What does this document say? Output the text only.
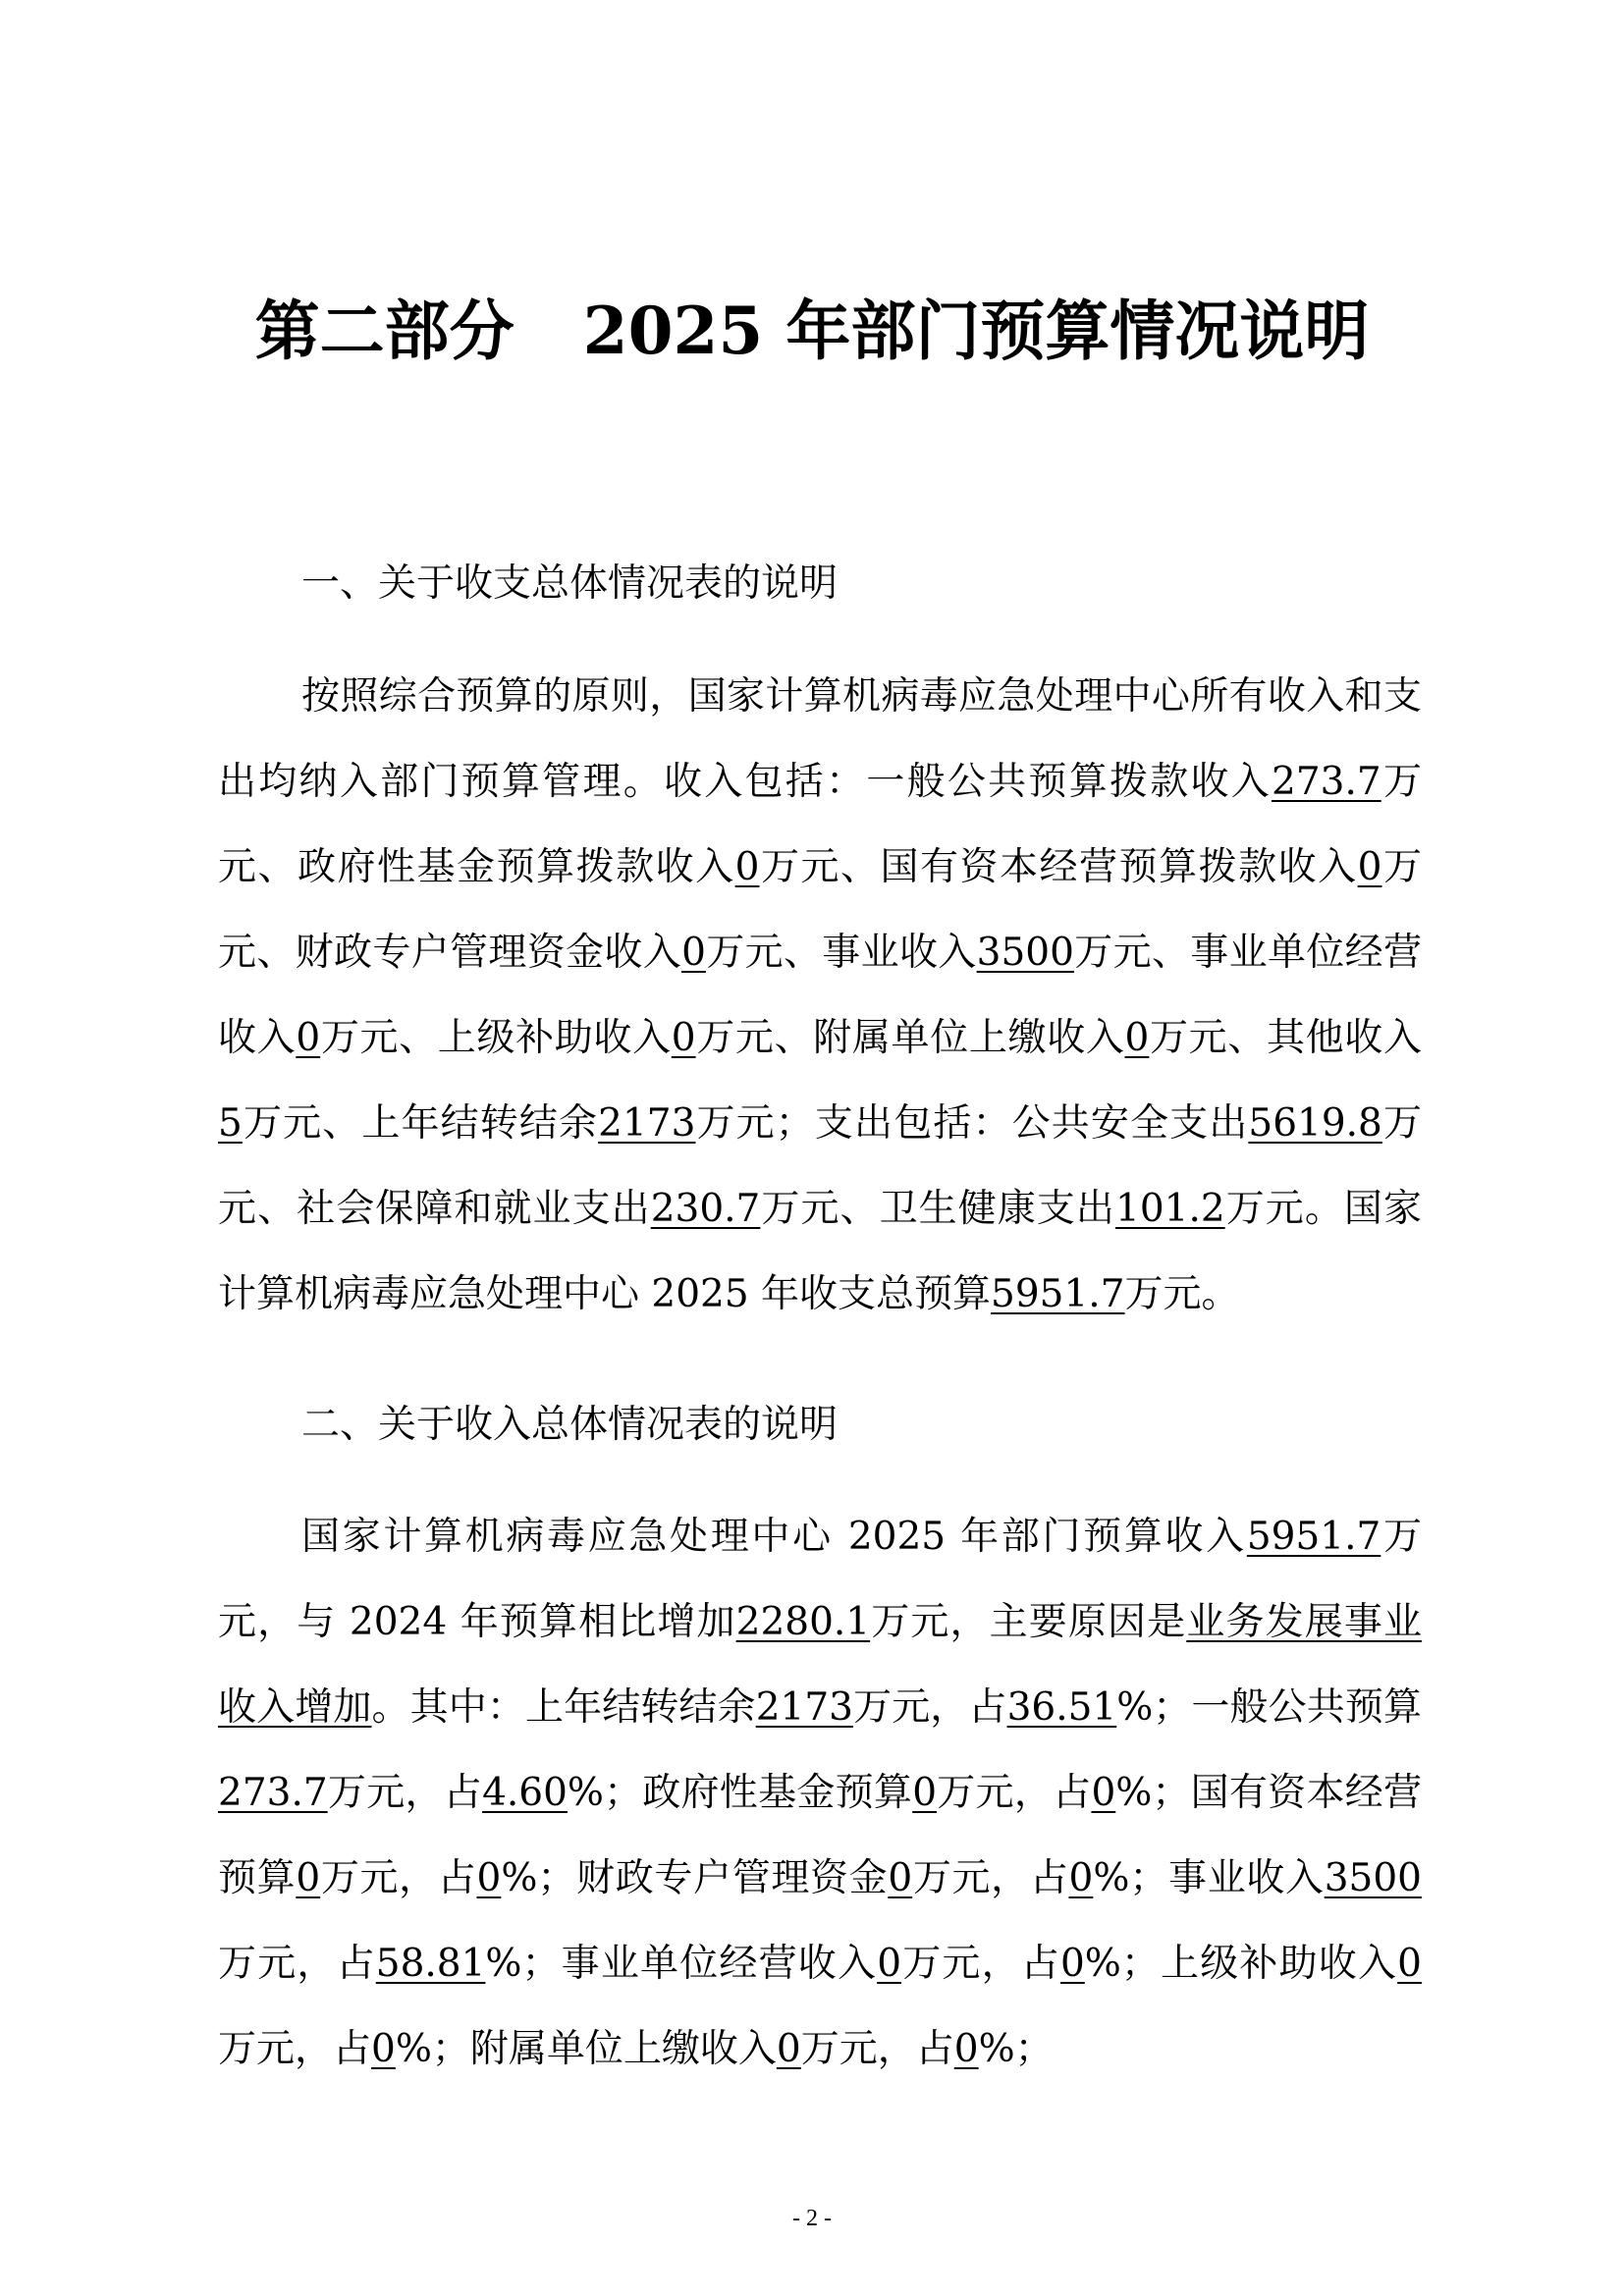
第二部分 2025 年部门预算情况说明
一、关于收支总体情况表的说明
按照综合预算的原则，国家计算机病毒应急处理中心所有收入和支出均纳入部门预算管理。收入包括：一般公共预算拨款收入273.7万元、政府性基金预算拨款收入0万元、国有资本经营预算拨款收入0万元、财政专户管理资金收入0万元、事业收入3500万元、事业单位经营收入0万元、上级补助收入0万元、附属单位上缴收入0万元、其他收入5万元、上年结转结余2173万元；支出包括：公共安全支出5619.8万元、社会保障和就业支出230.7万元、卫生健康支出101.2万元。国家计算机病毒应急处理中心 2025 年收支总预算5951.7万元。
二、关于收入总体情况表的说明
国家计算机病毒应急处理中心 2025 年部门预算收入5951.7万元，与 2024 年预算相比增加2280.1万元，主要原因是业务发展事业收入增加。其中：上年结转结余2173万元，占36.51%；一般公共预算273.7万元，占4.60%；政府性基金预算0万元，占0%；国有资本经营预算0万元，占0%；财政专户管理资金0万元，占0%；事业收入3500万元，占58.81%；事业单位经营收入0万元，占0%；上级补助收入0万元，占0%；附属单位上缴收入0万元，占0%；
- 2 -
